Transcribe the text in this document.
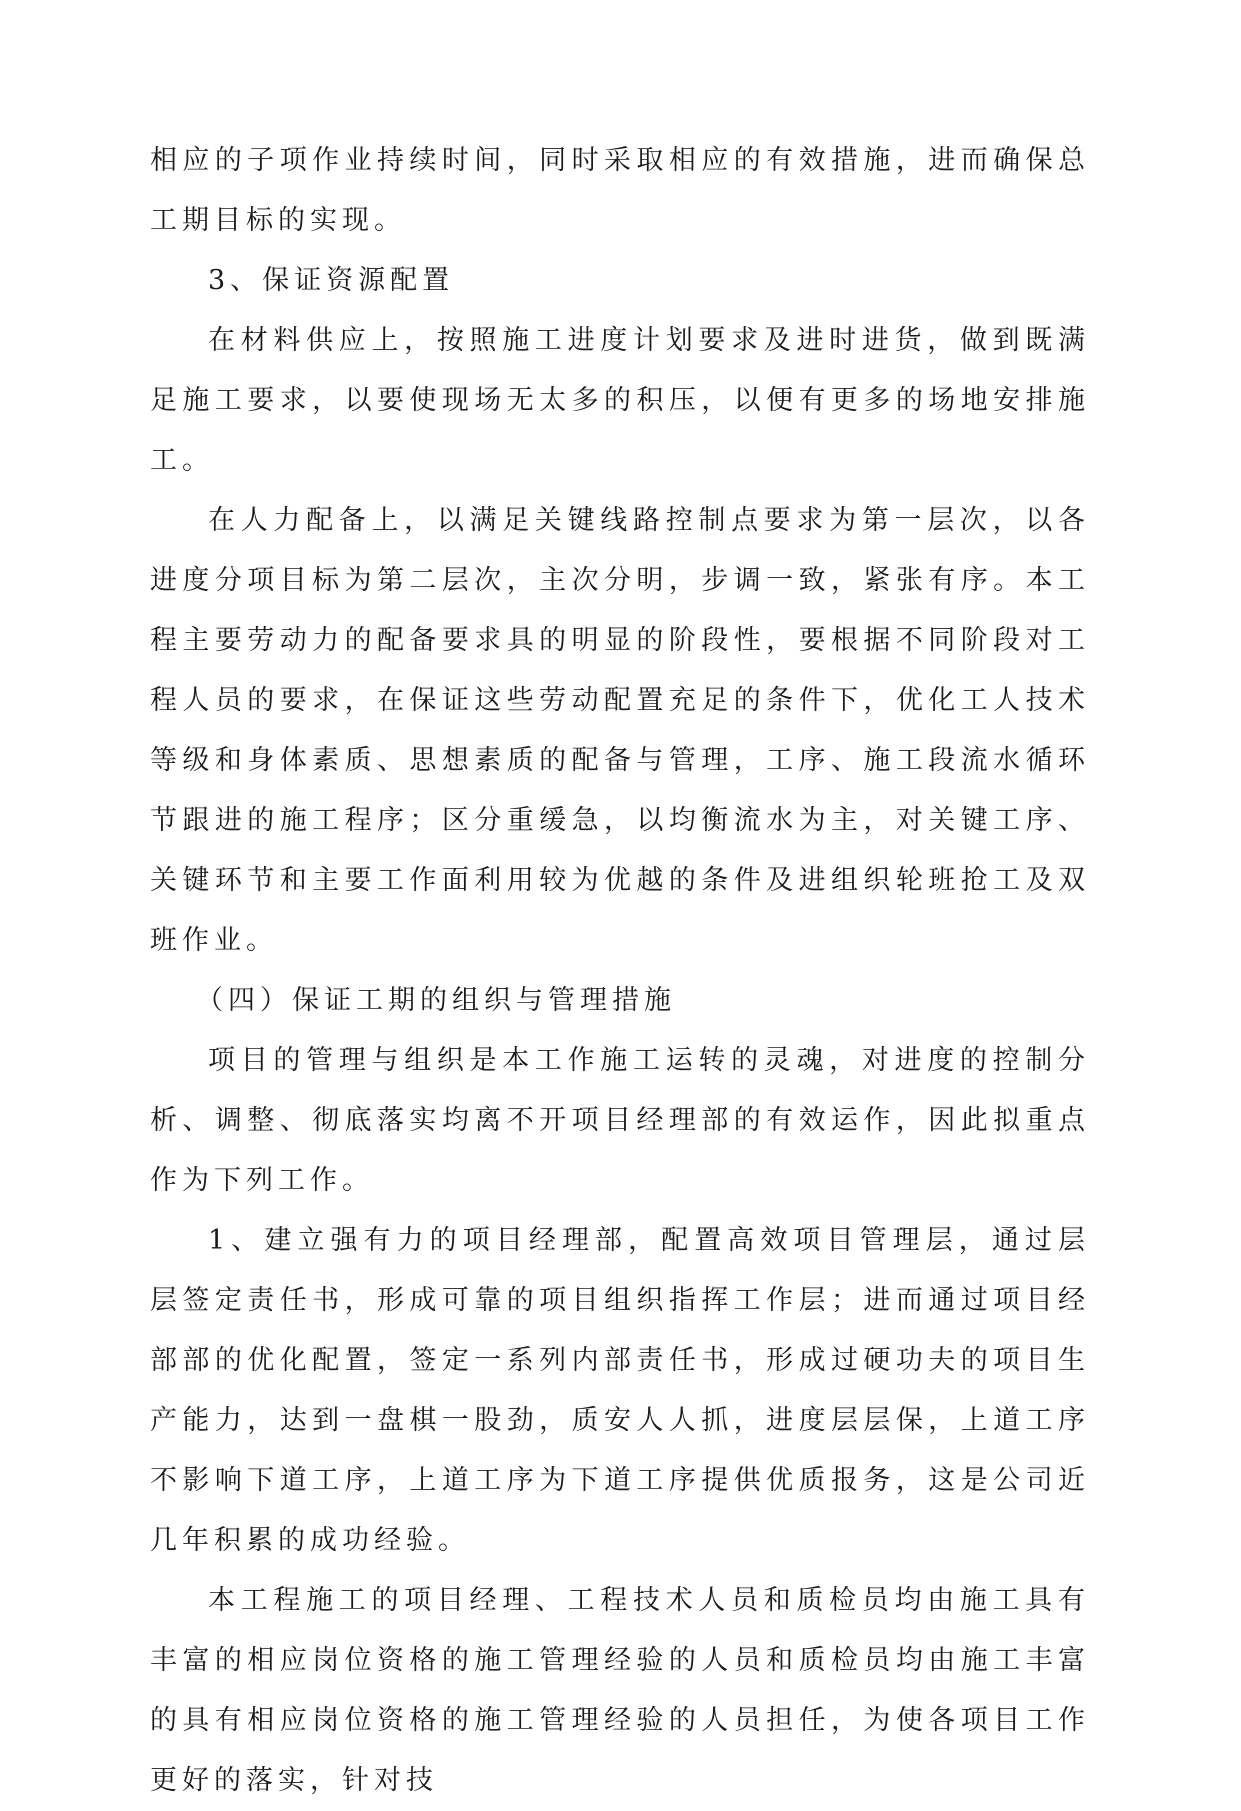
相应的子项作业持续时间，同时采取相应的有效措施，进而确保总工期目标的实现。

3、保证资源配置

在材料供应上，按照施工进度计划要求及进时进货，做到既满足施工要求，以要使现场无太多的积压，以便有更多的场地安排施工。

在人力配备上，以满足关键线路控制点要求为第一层次，以各进度分项目标为第二层次，主次分明，步调一致，紧张有序。本工程主要劳动力的配备要求具的明显的阶段性，要根据不同阶段对工程人员的要求，在保证这些劳动配置充足的条件下，优化工人技术等级和身体素质、思想素质的配备与管理，工序、施工段流水循环节跟进的施工程序；区分重缓急，以均衡流水为主，对关键工序、关键环节和主要工作面利用较为优越的条件及进组织轮班抢工及双班作业。

（四）保证工期的组织与管理措施

项目的管理与组织是本工作施工运转的灵魂，对进度的控制分析、调整、彻底落实均离不开项目经理部的有效运作，因此拟重点作为下列工作。

1、建立强有力的项目经理部，配置高效项目管理层，通过层层签定责任书，形成可靠的项目组织指挥工作层；进而通过项目经部部的优化配置，签定一系列内部责任书，形成过硬功夫的项目生产能力，达到一盘棋一股劲，质安人人抓，进度层层保，上道工序不影响下道工序，上道工序为下道工序提供优质报务，这是公司近几年积累的成功经验。

本工程施工的项目经理、工程技术人员和质检员均由施工具有丰富的相应岗位资格的施工管理经验的人员和质检员均由施工丰富的具有相应岗位资格的施工管理经验的人员担任，为使各项目工作更好的落实，针对技
